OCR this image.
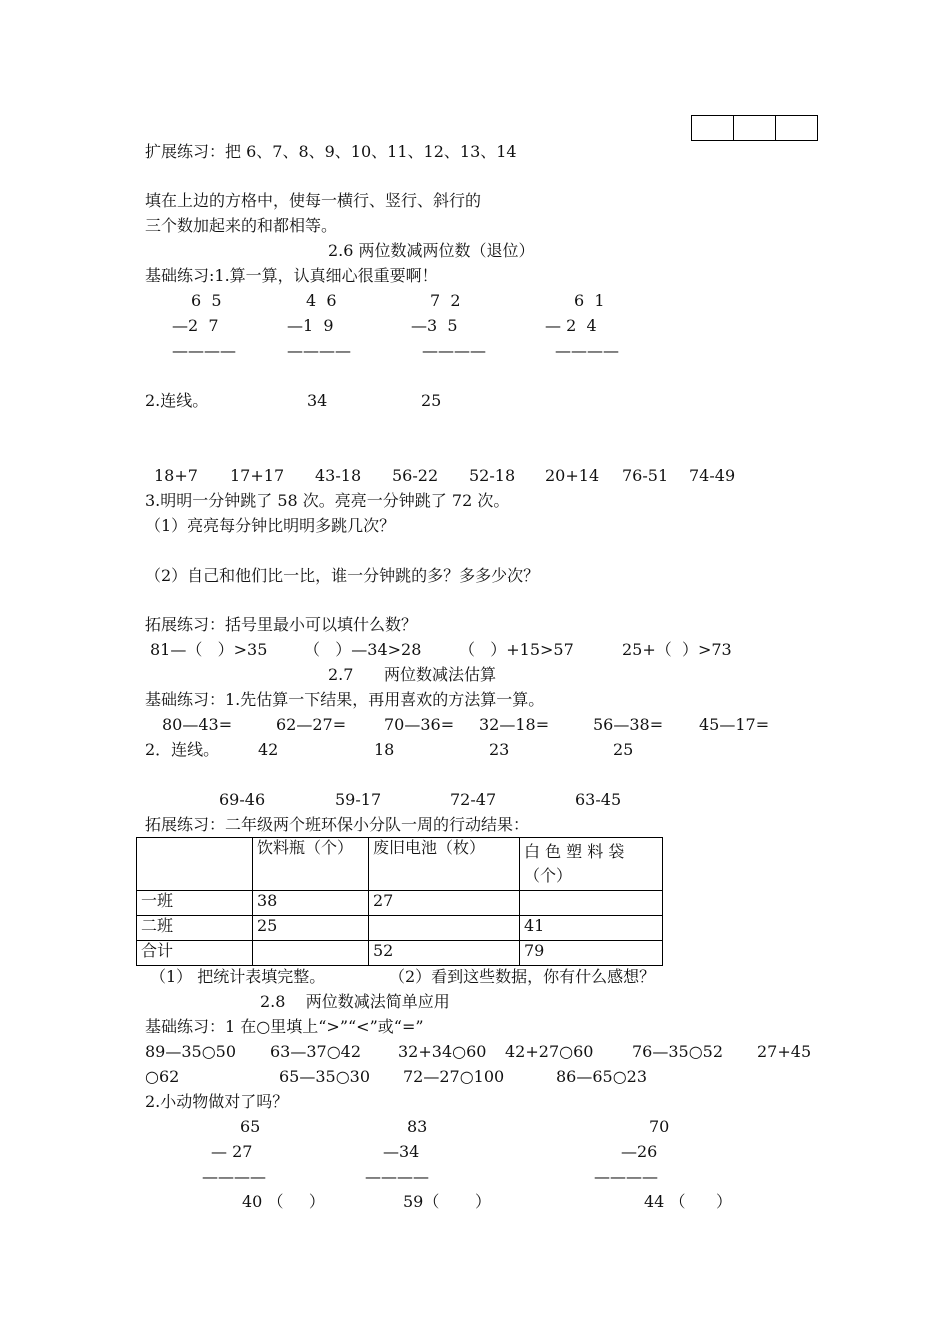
扩展练习：把 6、7、8、9、10、11、12、13、14
填在上边的方格中，使每一横行、竖行、斜行的
三个数加起来的和都相等。
2.6 两位数减两位数（退位）
基础练习:1.算一算，认真细心很重要啊！
6  5
—2  7
————
4  6
—1  9
————
7  2
—3  5
————
6  1
— 2  4
————
2.连线。	34	25
18+7 17+17 43-18 56-22 52-18 20+14 76-51 74-49
3.明明一分钟跳了 58 次。亮亮一分钟跳了 72 次。
（1）亮亮每分钟比明明多跳几次？
（2）自己和他们比一比，谁一分钟跳的多？多多少次？
拓展练习：括号里最小可以填什么数？
81—（   ）>35 （   ）—34>28 （   ）+15>57	25+（  ）>73
2.7      两位数减法估算
基础练习：1.先估算一下结果，再用喜欢的方法算一算。
80—43=	62—27= 70—36= 32—18=	56—38= 45—17=
2．连线。 42	18	23	25
69-46	59-17	72-47	63-45
拓展练习：二年级两个班环保小分队一周的行动结果：
	饮料瓶（个）	废旧电池（枚）	白 色 塑 料 袋（个）
一班	38	27	
二班	25		41
合计		52	79
（1） 把统计表填完整。	（2）看到这些数据，你有什么感想？
2.8    两位数减法简单应用
基础练习：1 在○里填上“>”“<”或“=”
89—35○50 63—37○42 32+34○60 42+27○60 76—35○52 27+45
○62	65—35○30 72—27○100	86—65○23
2.小动物做对了吗？
65
— 27
————
40 （     ）
83
—34
————
59（       ）
70
—26
————
44 （      ）
